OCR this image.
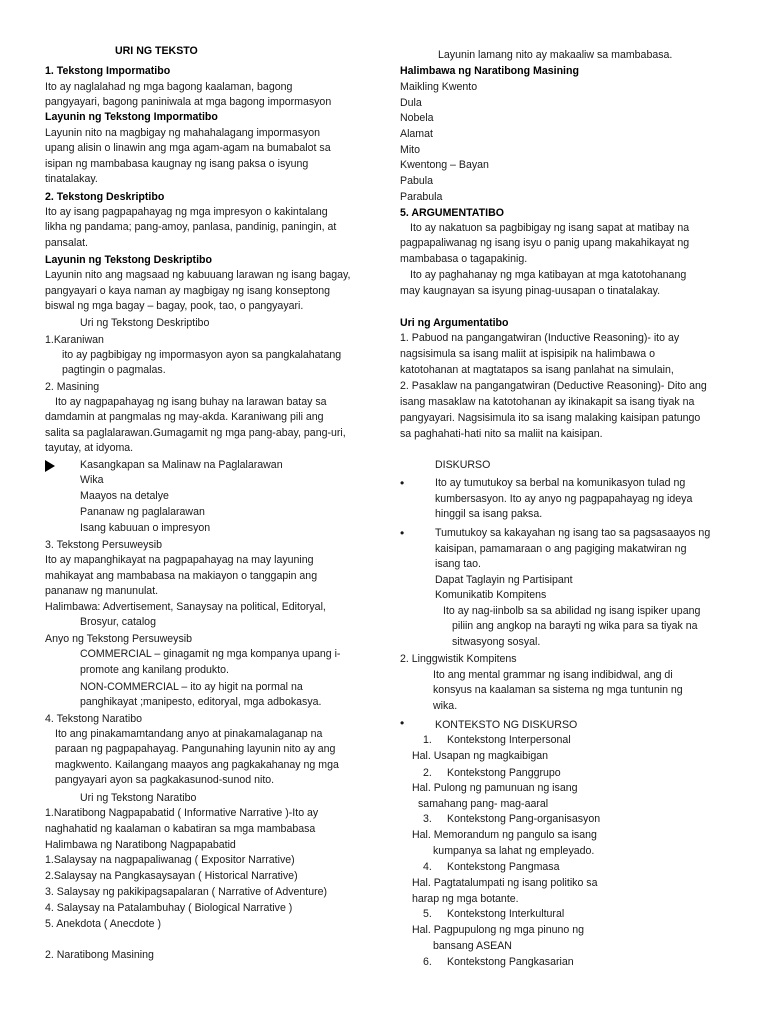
URI NG TEKSTO
1. Tekstong Impormatibo
Ito ay naglalahad ng mga bagong kaalaman, bagong
pangyayari, bagong paniniwala at mga bagong impormasyon
Layunin ng Tekstong Impormatibo
Layunin nito na magbigay ng mahahalagang impormasyon
upang alisin o linawin ang mga agam-agam na bumabalot sa
isipan ng mambabasa kaugnay ng isang paksa o isyung
tinatalakay.
2. Tekstong Deskriptibo
Ito ay isang pagpapahayag ng mga impresyon o kakintalang
likha ng pandama; pang-amoy, panlasa, pandinig, paningin, at
pansalat.
Layunin ng Tekstong Deskriptibo
Layunin nito ang magsaad ng kabuuang larawan ng isang bagay,
pangyayari o kaya naman ay magbigay ng isang konseptong
biswal ng mga bagay – bagay, pook, tao, o pangyayari.
Uri ng Tekstong Deskriptibo
1.Karaniwan
ito ay pagbibigay ng impormasyon ayon sa pangkalahatang
pagtingin o pagmalas.
2. Masining
Ito ay nagpapahayag ng isang buhay na larawan batay sa
damdamin at pangmalas ng may-akda. Karaniwang pili ang
salita sa paglalarawan.Gumagamit ng mga pang-abay, pang-uri,
tayutay, at idyoma.
Kasangkapan sa Malinaw na Paglalarawan
Wika
Maayos na detalye
Pananaw ng paglalarawan
Isang kabuuan o impresyon
3. Tekstong Persuweysib
Ito ay mapanghikayat na pagpapahayag na may layuning
mahikayat ang mambabasa na makiayon o tanggapin ang
pananaw ng manunulat.
Halimbawa: Advertisement, Sanaysay na political, Editoryal,
Brosyur, catalog
Anyo ng Tekstong Persuweysib
COMMERCIAL – ginagamit ng mga kompanya upang i-
promote ang kanilang produkto.
NON-COMMERCIAL – ito ay higit na pormal na
panghikayat ;manipesto, editoryal, mga adbokasya.
4. Tekstong Naratibo
Ito ang pinakamamtandang anyo at pinakamalaganap na
paraan ng pagpapahayag. Pangunahing layunin nito ay ang
magkwento. Kailangang maayos ang pagkakahanay ng mga
pangyayari ayon sa pagkakasunod-sunod nito.
Uri ng Tekstong Naratibo
1.Naratibong Nagpapabatid ( Informative Narrative )-Ito ay
naghahatid ng kaalaman o kabatiran sa mga mambabasa
Halimbawa ng Naratibong Nagpapabatid
1.Salaysay na nagpapaliwanag ( Expositor Narrative)
2.Salaysay na Pangkasaysayan ( Historical Narrative)
3. Salaysay ng pakikipagsapalaran ( Narrative of Adventure)
4. Salaysay na Patalambuhay ( Biological Narrative )
5. Anekdota ( Anecdote )
2. Naratibong Masining
Layunin lamang nito ay makaaliw sa mambabasa.
Halimbawa ng Naratibong Masining
Maikling Kwento
Dula
Nobela
Alamat
Mito
Kwentong – Bayan
Pabula
Parabula
5. ARGUMENTATIBO
Ito ay nakatuon sa pagbibigay ng isang sapat at matibay na
pagpapaliwanag ng isang isyu o panig upang makahikayat ng
mambabasa o tagapakinig.
Ito ay paghahanay ng mga katibayan at mga katotohanang
may kaugnayan sa isyung pinag-uusapan o tinatalakay.
Uri ng Argumentatibo
1. Pabuod na pangangatwiran (Inductive Reasoning)- ito ay
nagsisimula sa isang maliit at ispisipik na halimbawa o
katotohanan at magtatapos sa isang panlahat na simulain,
2. Pasaklaw na pangangatwiran (Deductive Reasoning)- Dito ang
isang masaklaw na katotohanan ay ikinakapit sa isang tiyak na
pangyayari. Nagsisimula ito sa isang malaking kaisipan patungo
sa paghahati-hati nito sa maliit na kaisipan.
DISKURSO
Ito ay tumutukoy sa berbal na komunikasyon tulad ng
kumbersasyon. Ito ay anyo ng pagpapahayag ng ideya
hinggil sa isang paksa.
Tumutukoy sa kakayahan ng isang tao sa pagsasaayos ng
kaisipan, pamamaraan o ang pagiging makatwiran ng
isang tao.
Dapat Taglayin ng Partisipant
Komunikatib Kompitens
Ito ay nag-iinbolb sa sa abilidad ng isang ispiker upang
piliin ang angkop na barayti ng wika para sa tiyak na
sitwasyong sosyal.
2. Linggwistik Kompitens
Ito ang mental grammar ng isang indibidwal, ang di
konsyus na kaalaman sa sistema ng mga tuntunin ng
wika.
KONTEKSTO NG DISKURSO
1. Kontekstong Interpersonal
Hal. Usapan ng magkaibigan
2. Kontekstong Panggrupo
Hal. Pulong ng pamunuan ng isang
samahang pang- mag-aaral
3. Kontekstong Pang-organisasyon
Hal. Memorandum ng pangulo sa isang
kumpanya sa lahat ng empleyado.
4. Kontekstong Pangmasa
Hal. Pagtatalumpati ng isang politiko sa
harap ng mga botante.
5. Kontekstong Interkultural
Hal. Pagpupulong ng mga pinuno ng
bansang ASEAN
6. Kontekstong Pangkasarian
•
•
•
